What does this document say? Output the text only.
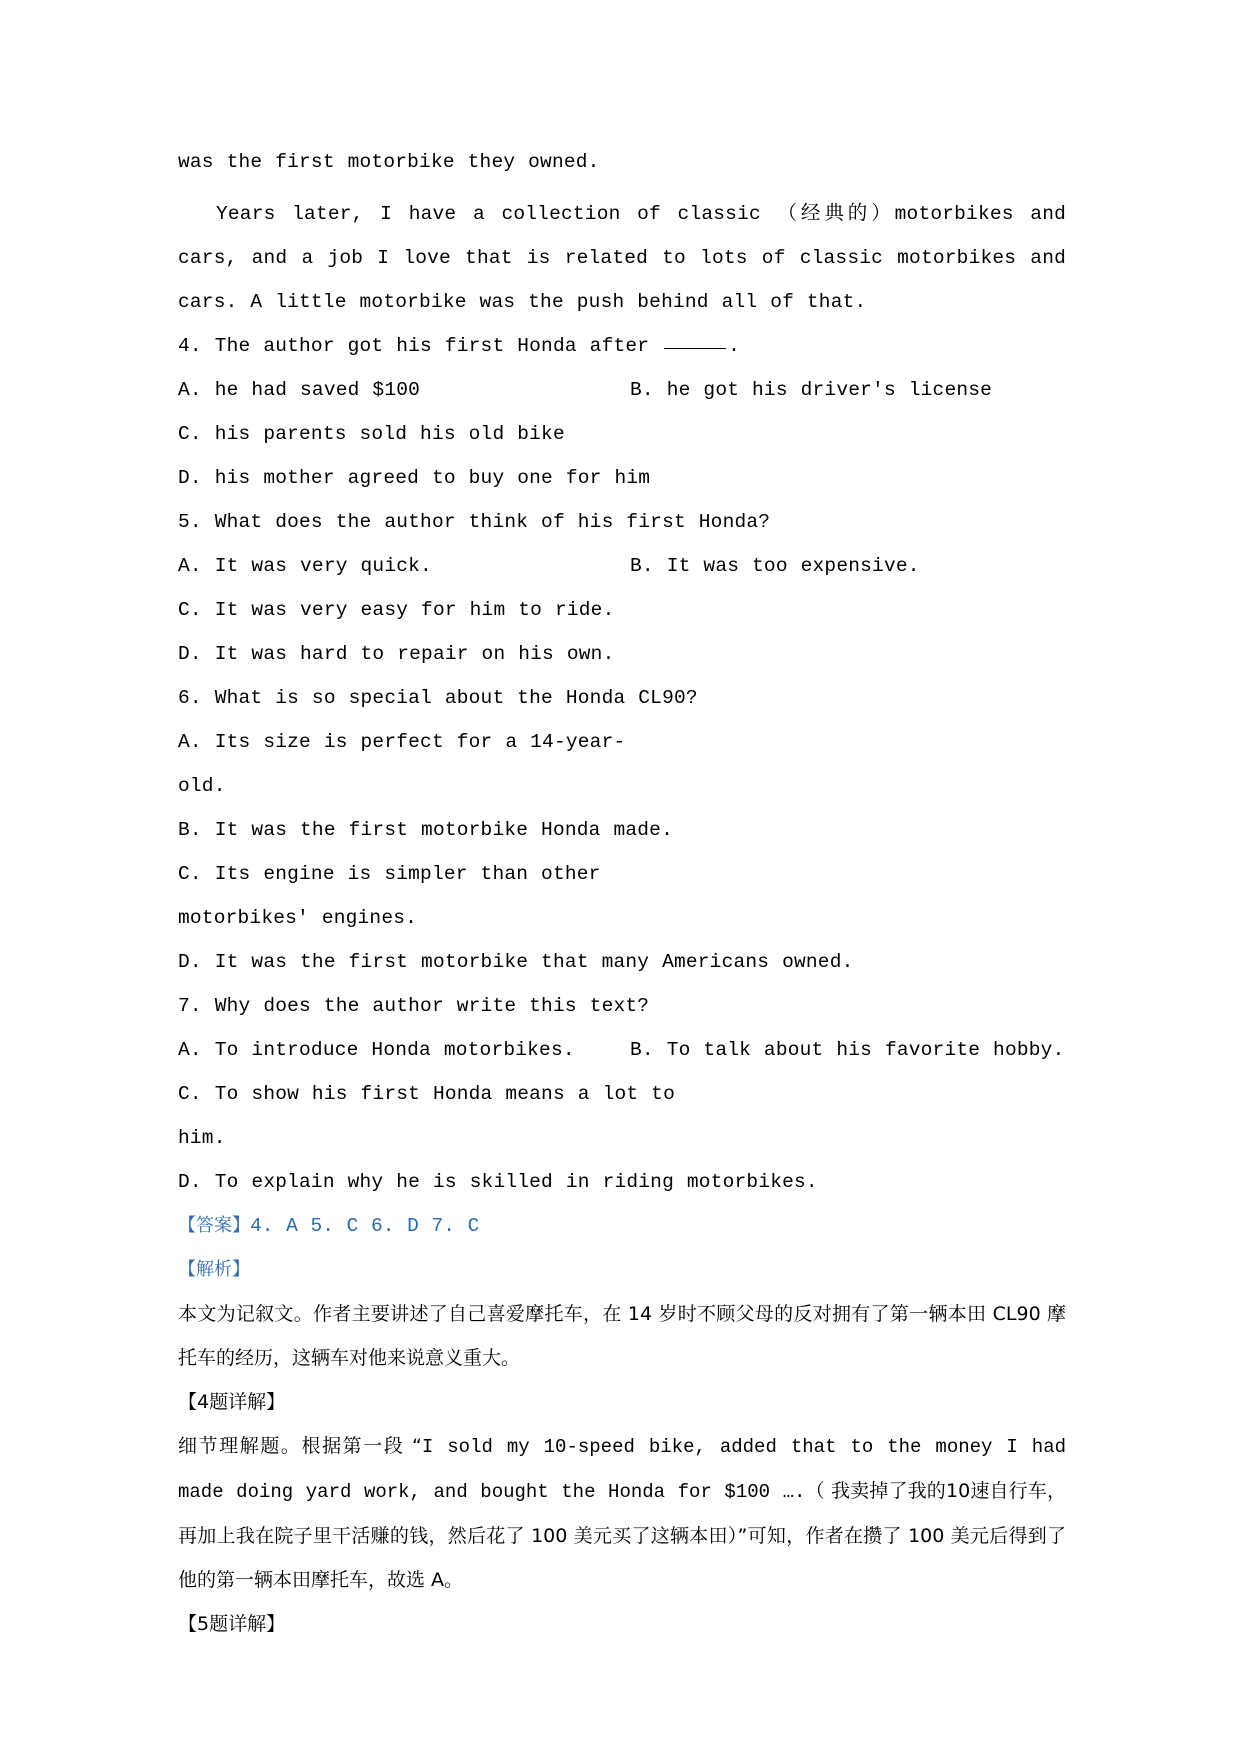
was the first motorbike they owned.

Years later, I have a collection of classic （经典的）motorbikes and cars, and a job I love that is related to lots of classic motorbikes and cars. A little motorbike was the push behind all of that.

4. The author got his first Honda after	.

A. he had saved $100	B. he got his driver's license
C. his parents sold his old bike
D. his mother agreed to buy one for him

5. What does the author think of his first Honda?

A. It was very quick.	B. It was too expensive.
C. It was very easy for him to ride.
D. It was hard to repair on his own.

6. What is so special about the Honda CL90?

A. Its size is perfect for a 14-year-old.
B. It was the first motorbike Honda made.
C. Its engine is simpler than other motorbikes' engines.
D. It was the first motorbike that many Americans owned.

7. Why does the author write this text?

A. To introduce Honda motorbikes.	B. To talk about his favorite hobby.
C. To show his first Honda means a lot to him.
D. To explain why he is skilled in riding motorbikes.

【答案】4. A 5. C 6. D 7. C

【解析】

本文为记叙文。作者主要讲述了自己喜爱摩托车，在 14 岁时不顾父母的反对拥有了第一辆本田 CL90 摩托车的经历，这辆车对他来说意义重大。

【4题详解】

细节理解题。根据第一段 “I sold my 10-speed bike, added that to the money I had made doing yard work, and bought the Honda for $100 ….（ 我卖掉了我的10速自行车，再加上我在院子里干活赚的钱，然后花了 100 美元买了这辆本田）”可知，作者在攒了 100 美元后得到了他的第一辆本田摩托车，故选 A。

【5题详解】
